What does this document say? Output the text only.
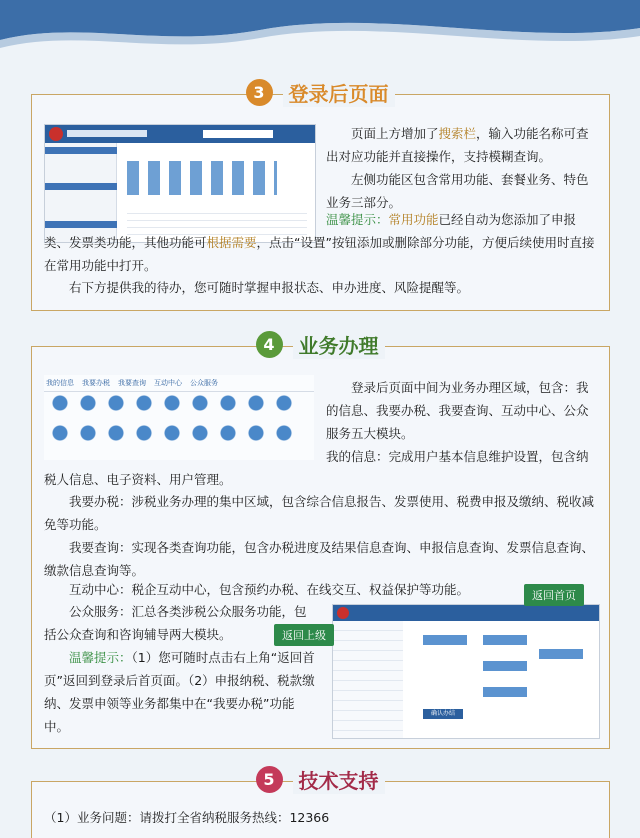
3	登录后页面

页面上方增加了搜索栏，输入功能名称可查出对应功能并直接操作，支持模糊查询。

左侧功能区包含常用功能、套餐业务、特色业务三部分。

温馨提示：常用功能已经自动为您添加了申报类、发票类功能，其他功能可根据需要，点击“设置”按钮添加或删除部分功能，方便后续使用时直接在常用功能中打开。

右下方提供我的待办，您可随时掌握申报状态、申办进度、风险提醒等。

4	业务办理
我的信息 我要办税 我要查询 互动中心 公众服务	登录后页面中间为业务办理区域，包含：我的信息、我要办税、我要查询、互动中心、公众服务五大模块。

我的信息：完成用户基本信息维护设置，包含纳税人信息、电子资料、用户管理。

我要办税：涉税业务办理的集中区域，包含综合信息报告、发票使用、税费申报及缴纳、税收减免等功能。

我要查询：实现各类查询功能，包含办税进度及结果信息查询、申报信息查询、发票信息查询、缴款信息查询等。

互动中心：税企互动中心，包含预约办税、在线交互、权益保护等功能。

公众服务：汇总各类涉税公众服务功能，包括公众查询和咨询辅导两大模块。

温馨提示：（1）您可随时点击右上角“返回首页”返回到登录后首页面。（2）申报纳税、税款缴纳、发票申领等业务都集中在“我要办税”功能中。

确认办结
返回首页
返回上级
5	技术支持

（1）业务问题：请拨打全省纳税服务热线：12366
